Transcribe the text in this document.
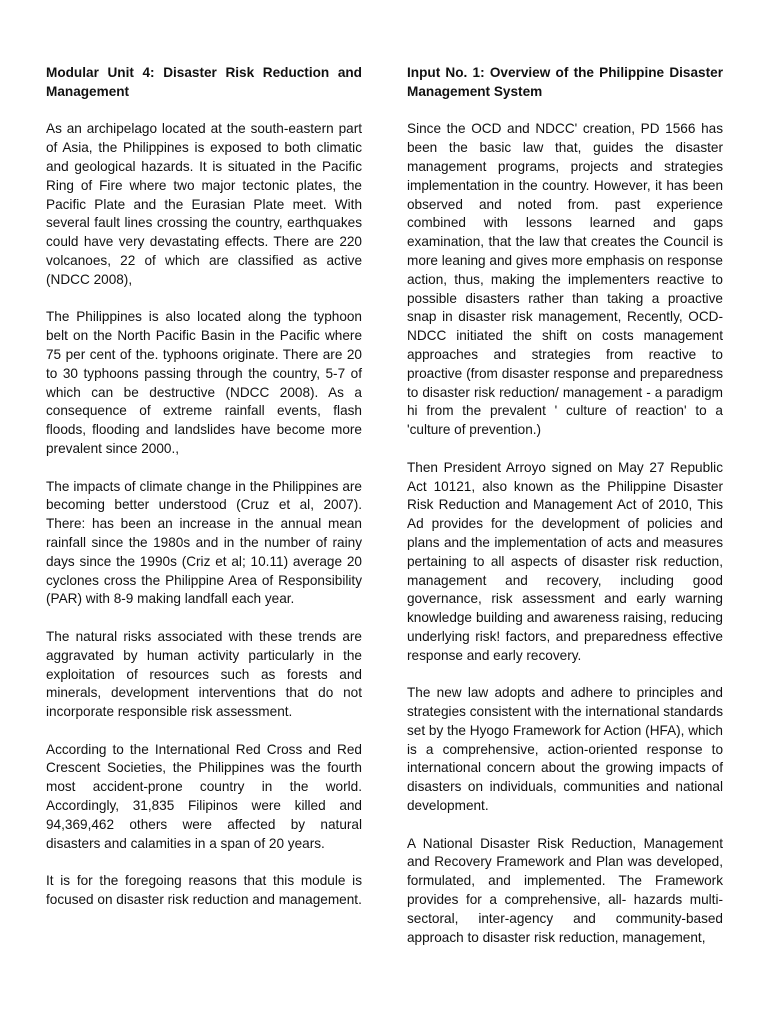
Modular Unit 4: Disaster Risk Reduction and Management

As an archipelago located at the south-eastern part of Asia, the Philippines is exposed to both climatic and geological hazards. It is situated in the Pacific Ring of Fire where two major tectonic plates, the Pacific Plate and the Eurasian Plate meet. With several fault lines crossing the country, earthquakes could have very devastating effects. There are 220 volcanoes, 22 of which are classified as active (NDCC 2008),

The Philippines is also located along the typhoon belt on the North Pacific Basin in the Pacific where 75 per cent of the. typhoons originate. There are 20 to 30 typhoons passing through the country, 5-7 of which can be destructive (NDCC 2008). As a consequence of extreme rainfall events, flash floods, flooding and landslides have become more prevalent since 2000.,

The impacts of climate change in the Philippines are becoming better understood (Cruz et al, 2007). There: has been an increase in the annual mean rainfall since the 1980s and in the number of rainy days since the 1990s (Criz et al; 10.11) average 20 cyclones cross the Philippine Area of Responsibility (PAR) with 8-9 making landfall each year.

The natural risks associated with these trends are aggravated by human activity particularly in the exploitation of resources such as forests and minerals, development interventions that do not incorporate responsible risk assessment.

According to the International Red Cross and Red Crescent Societies, the Philippines was the fourth most accident-prone country in the world. Accordingly, 31,835 Filipinos were killed and 94,369,462 others were affected by natural disasters and calamities in a span of 20 years.

It is for the foregoing reasons that this module is focused on disaster risk reduction and management.

Input No. 1: Overview of the Philippine Disaster Management System

Since the OCD and NDCC' creation, PD 1566 has been the basic law that, guides the disaster management programs, projects and strategies implementation in the country. However, it has been observed and noted from. past experience combined with lessons learned and gaps examination, that the law that creates the Council is more leaning and gives more emphasis on response action, thus, making the implementers reactive to possible disasters rather than taking a proactive snap in disaster risk management, Recently, OCD-NDCC initiated the shift on costs management approaches and strategies from reactive to proactive (from disaster response and preparedness to disaster risk reduction/ management - a paradigm hi from the prevalent ' culture of reaction' to a 'culture of prevention.)

Then President Arroyo signed on May 27 Republic Act 10121, also known as the Philippine Disaster Risk Reduction and Management Act of 2010, This Ad provides for the development of policies and plans and the implementation of acts and measures pertaining to all aspects of disaster risk reduction, management and recovery, including good governance, risk assessment and early warning knowledge building and awareness raising, reducing underlying risk! factors, and preparedness effective response and early recovery.

The new law adopts and adhere to principles and strategies consistent with the international standards set by the Hyogo Framework for Action (HFA), which is a comprehensive, action-oriented response to international concern about the growing impacts of disasters on individuals, communities and national development.

A National Disaster Risk Reduction, Management and Recovery Framework and Plan was developed, formulated, and implemented. The Framework provides for a comprehensive, all- hazards multi-sectoral, inter-agency and community-based approach to disaster risk reduction, management,
